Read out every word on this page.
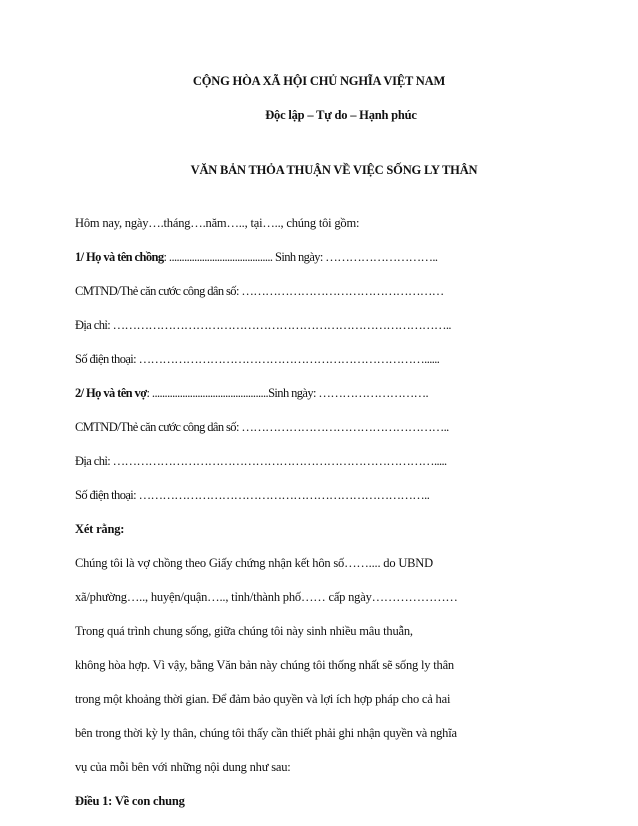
CỘNG HÒA XÃ HỘI CHỦ NGHĨA VIỆT NAM
Độc lập – Tự do – Hạnh phúc
VĂN BẢN THỎA THUẬN VỀ VIỆC SỐNG LY THÂN
Hôm nay, ngày….tháng….năm….., tại….., chúng tôi gồm:
1/ Họ và tên chồng: ......................................... Sinh ngày: ………………………..
CMTND/Thẻ căn cước công dân số: ……………………………………………
Địa chỉ: …………………………………………………………………………..
Số điện thoại: ………………………………………………………………......
2/ Họ và tên vợ: ..............................................Sinh ngày: ……………………….
CMTND/Thẻ căn cước công dân số: ……………………………………………..
Địa chỉ: ……………………………………………………………………….....
Số điện thoại: ………………………………………………………………..
Xét rằng:
Chúng tôi là vợ chồng theo Giấy chứng nhận kết hôn số…….... do UBND
xã/phường….., huyện/quận….., tỉnh/thành phố…… cấp ngày…………………
Trong quá trình chung sống, giữa chúng tôi này sinh nhiều mâu thuẫn,
không hòa hợp. Vì vậy, bằng Văn bản này chúng tôi thống nhất sẽ sống ly thân
trong một khoảng thời gian. Để đảm bảo quyền và lợi ích hợp pháp cho cả hai
bên trong thời kỳ ly thân, chúng tôi thấy cần thiết phải ghi nhận quyền và nghĩa
vụ của mỗi bên với những nội dung như sau:
Điều 1: Về con chung
